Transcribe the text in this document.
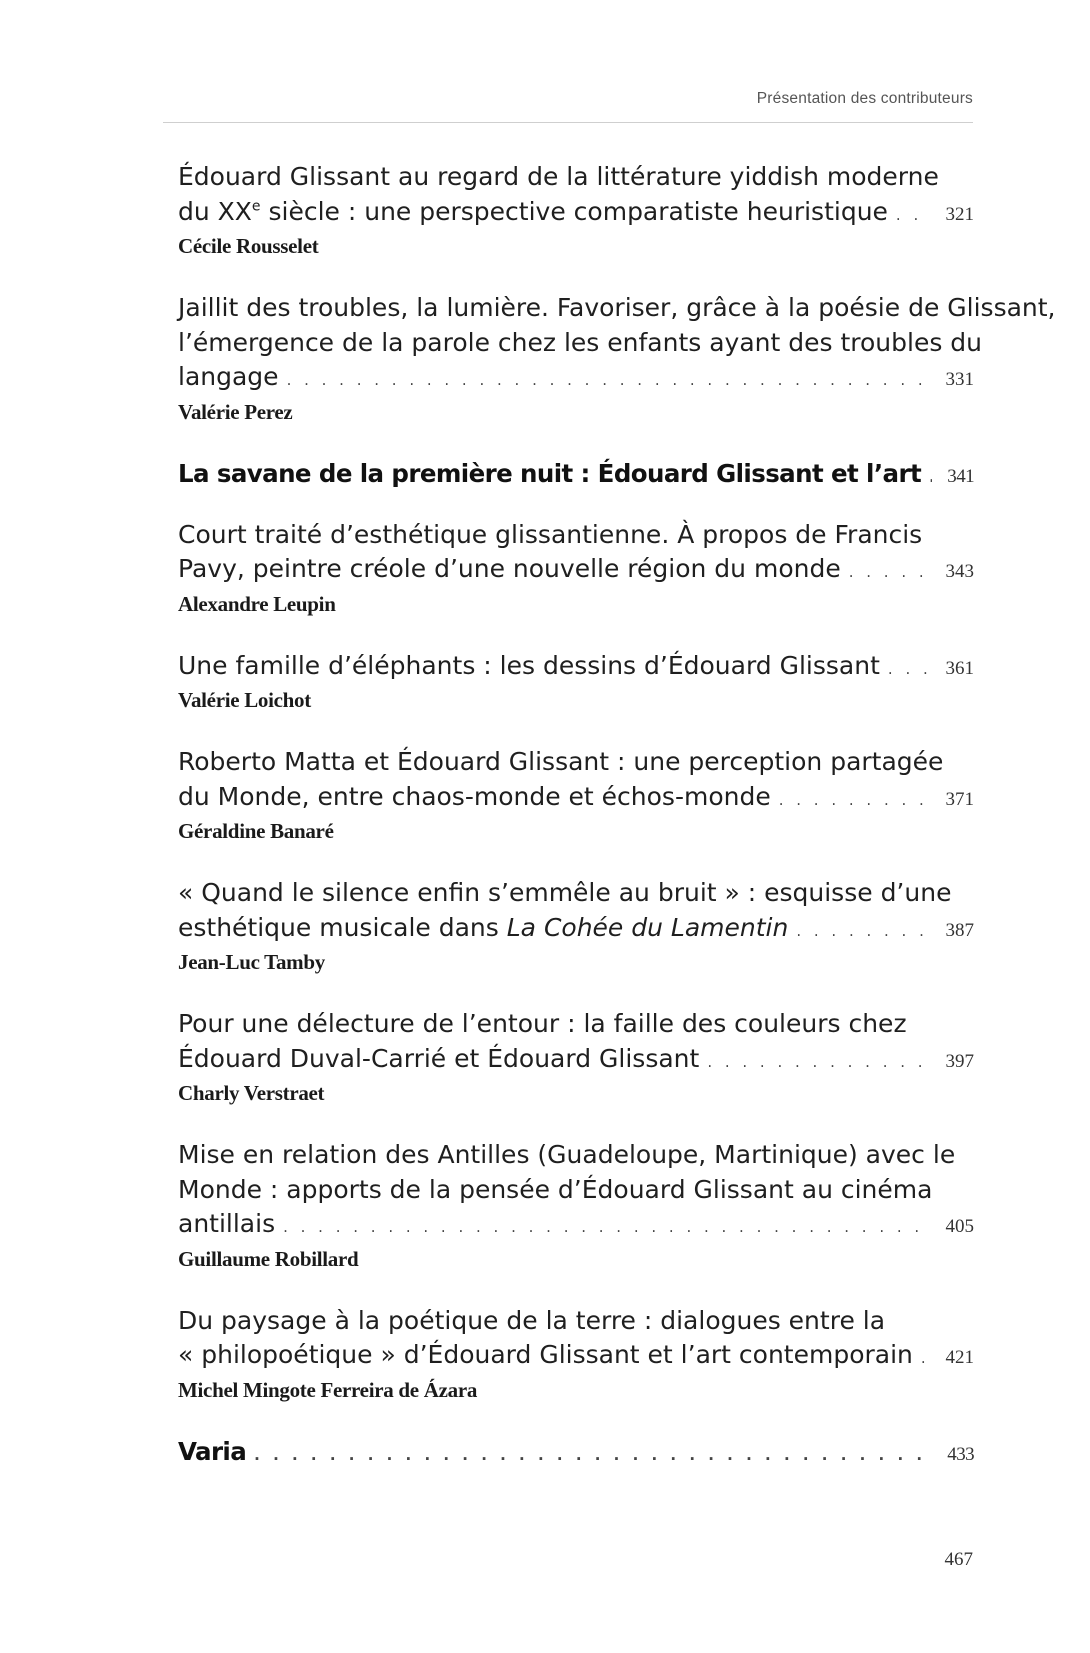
Présentation des contributeurs
Édouard Glissant au regard de la littérature yiddish moderne
du XXe siècle : une perspective comparatiste heuristique . . .	321
Cécile Rousselet
Jaillit des troubles, la lumière. Favoriser, grâce à la poésie de Glissant,
l’émergence de la parole chez les enfants ayant des troubles du
langage . . .	331
Valérie Perez
La savane de la première nuit : Édouard Glissant et l’art . . .	341
Court traité d’esthétique glissantienne. À propos de Francis
Pavy, peintre créole d’une nouvelle région du monde . . .	343
Alexandre Leupin
Une famille d’éléphants : les dessins d’Édouard Glissant . . .	361
Valérie Loichot
Roberto Matta et Édouard Glissant : une perception partagée
du Monde, entre chaos-monde et échos-monde . . .	371
Géraldine Banaré
« Quand le silence enfin s’emmêle au bruit » : esquisse d’une
esthétique musicale dans La Cohée du Lamentin . . .	387
Jean-Luc Tamby
Pour une délecture de l’entour : la faille des couleurs chez
Édouard Duval-Carrié et Édouard Glissant . . .	397
Charly Verstraet
Mise en relation des Antilles (Guadeloupe, Martinique) avec le
Monde : apports de la pensée d’Édouard Glissant au cinéma
antillais . . .	405
Guillaume Robillard
Du paysage à la poétique de la terre : dialogues entre la
« philopoétique » d’Édouard Glissant et l’art contemporain . . .	421
Michel Mingote Ferreira de Ázara
Varia . . .	433
467
